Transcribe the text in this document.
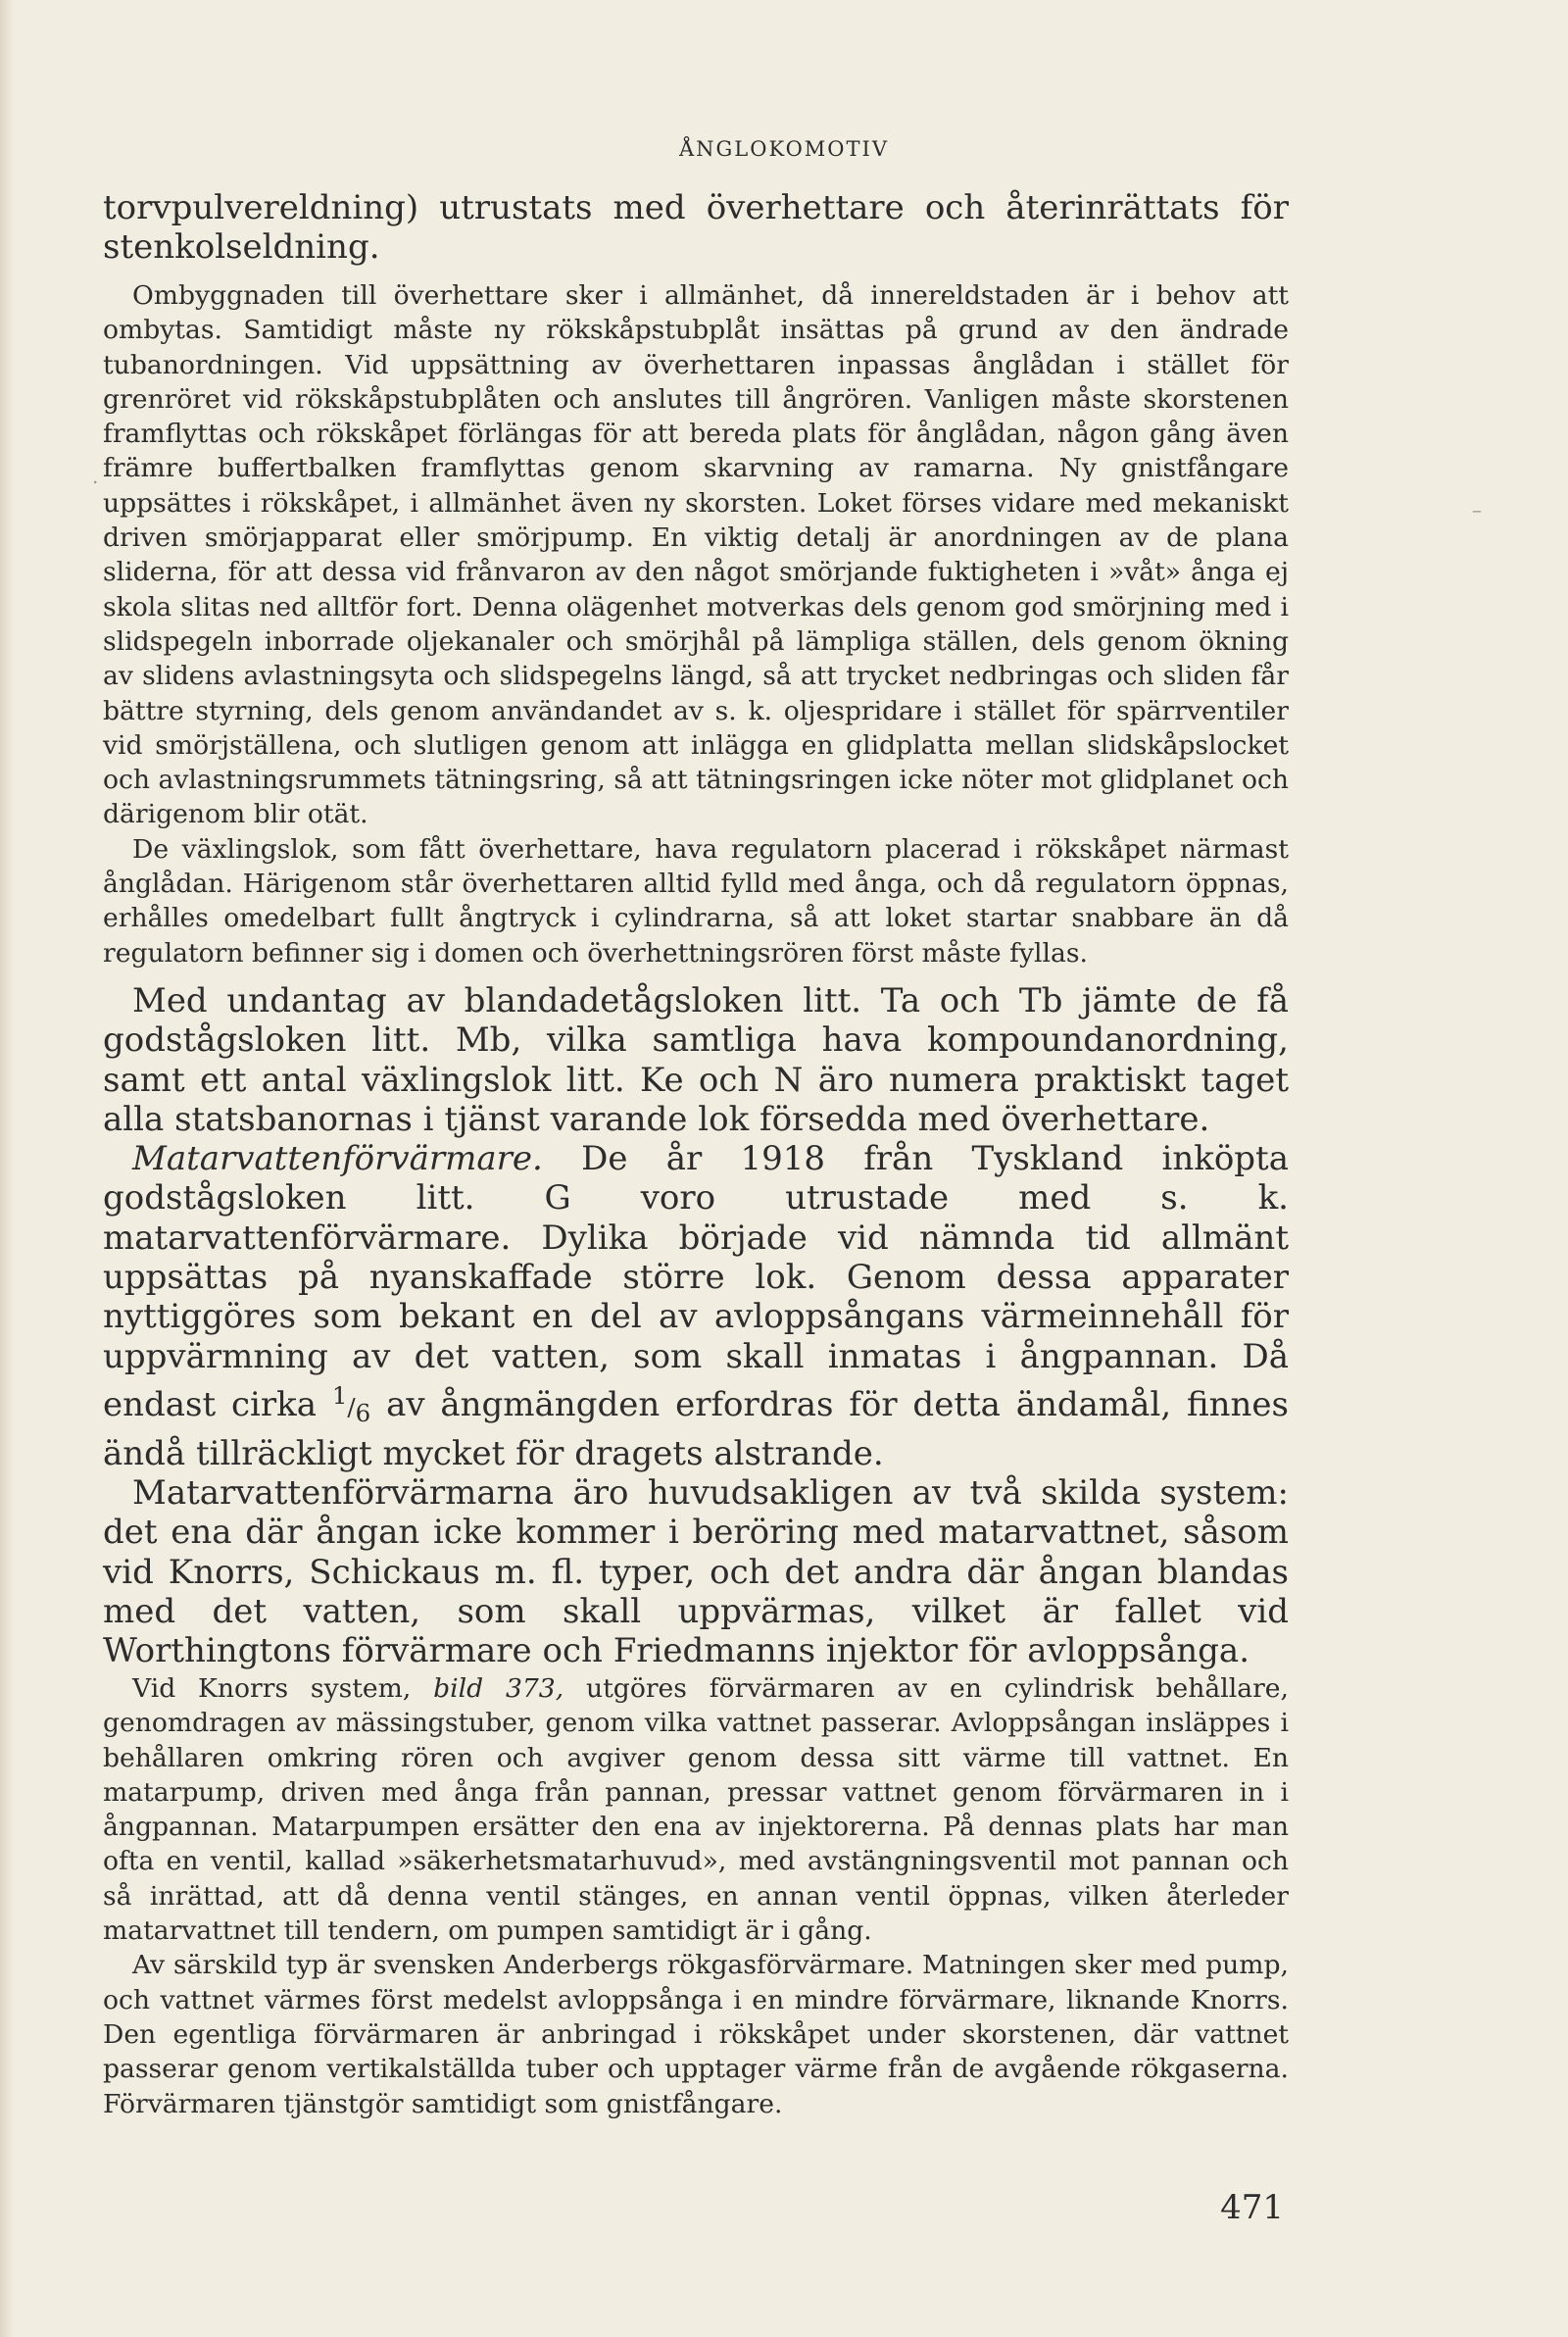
ÅNGLOKOMOTIV

torvpulvereldning) utrustats med överhettare och återinrättats för stenkolseldning.

Ombyggnaden till överhettare sker i allmänhet, då innereldstaden är i behov att ombytas. Samtidigt måste ny rökskåpstubplåt insättas på grund av den ändrade tubanordningen. Vid uppsättning av överhettaren inpassas ånglådan i stället för grenröret vid rökskåpstubplåten och anslutes till ångrören. Vanligen måste skorstenen framflyttas och rökskåpet förlängas för att bereda plats för ånglådan, någon gång även främre buffertbalken framflyttas genom skarvning av ramarna. Ny gnistfångare uppsättes i rökskåpet, i allmänhet även ny skorsten. Loket förses vidare med mekaniskt driven smörjapparat eller smörjpump. En viktig detalj är anordningen av de plana sliderna, för att dessa vid frånvaron av den något smörjande fuktigheten i »våt» ånga ej skola slitas ned alltför fort. Denna olägenhet motverkas dels genom god smörjning med i slidspegeln inborrade oljekanaler och smörjhål på lämpliga ställen, dels genom ökning av slidens avlastningsyta och slidspegelns längd, så att trycket nedbringas och sliden får bättre styrning, dels genom användandet av s. k. oljespridare i stället för spärrventiler vid smörjställena, och slutligen genom att inlägga en glidplatta mellan slidskåpslocket och avlastningsrummets tätningsring, så att tätningsringen icke nöter mot glidplanet och därigenom blir otät.

De växlingslok, som fått överhettare, hava regulatorn placerad i rökskåpet närmast ånglådan. Härigenom står överhettaren alltid fylld med ånga, och då regulatorn öppnas, erhålles omedelbart fullt ångtryck i cylindrarna, så att loket startar snabbare än då regulatorn befinner sig i domen och överhettningsrören först måste fyllas.

Med undantag av blandadetågsloken litt. Ta och Tb jämte de få godstågsloken litt. Mb, vilka samtliga hava kompoundanordning, samt ett antal växlingslok litt. Ke och N äro numera praktiskt taget alla statsbanornas i tjänst varande lok försedda med överhettare.

Matarvattenförvärmare. De år 1918 från Tyskland inköpta godstågsloken litt. G voro utrustade med s. k. matarvattenförvärmare. Dylika började vid nämnda tid allmänt uppsättas på nyanskaffade större lok. Genom dessa apparater nyttiggöres som bekant en del av avloppsångans värmeinnehåll för uppvärmning av det vatten, som skall inmatas i ångpannan. Då endast cirka 1/6 av ångmängden erfordras för detta ändamål, finnes ändå tillräckligt mycket för dragets alstrande.

Matarvattenförvärmarna äro huvudsakligen av två skilda system: det ena där ångan icke kommer i beröring med matarvattnet, såsom vid Knorrs, Schickaus m. fl. typer, och det andra där ångan blandas med det vatten, som skall uppvärmas, vilket är fallet vid Worthingtons förvärmare och Friedmanns injektor för avloppsånga.

Vid Knorrs system, bild 373, utgöres förvärmaren av en cylindrisk behållare, genomdragen av mässingstuber, genom vilka vattnet passerar. Avloppsångan insläppes i behållaren omkring rören och avgiver genom dessa sitt värme till vattnet. En matarpump, driven med ånga från pannan, pressar vattnet genom förvärmaren in i ångpannan. Matarpumpen ersätter den ena av injektorerna. På dennas plats har man ofta en ventil, kallad »säkerhetsmatarhuvud», med avstängningsventil mot pannan och så inrättad, att då denna ventil stänges, en annan ventil öppnas, vilken återleder matarvattnet till tendern, om pumpen samtidigt är i gång.

Av särskild typ är svensken Anderbergs rökgasförvärmare. Matningen sker med pump, och vattnet värmes först medelst avloppsånga i en mindre förvärmare, liknande Knorrs. Den egentliga förvärmaren är anbringad i rökskåpet under skorstenen, där vattnet passerar genom vertikalställda tuber och upptager värme från de avgående rökgaserna. Förvärmaren tjänstgör samtidigt som gnistfångare.

471
.
–
